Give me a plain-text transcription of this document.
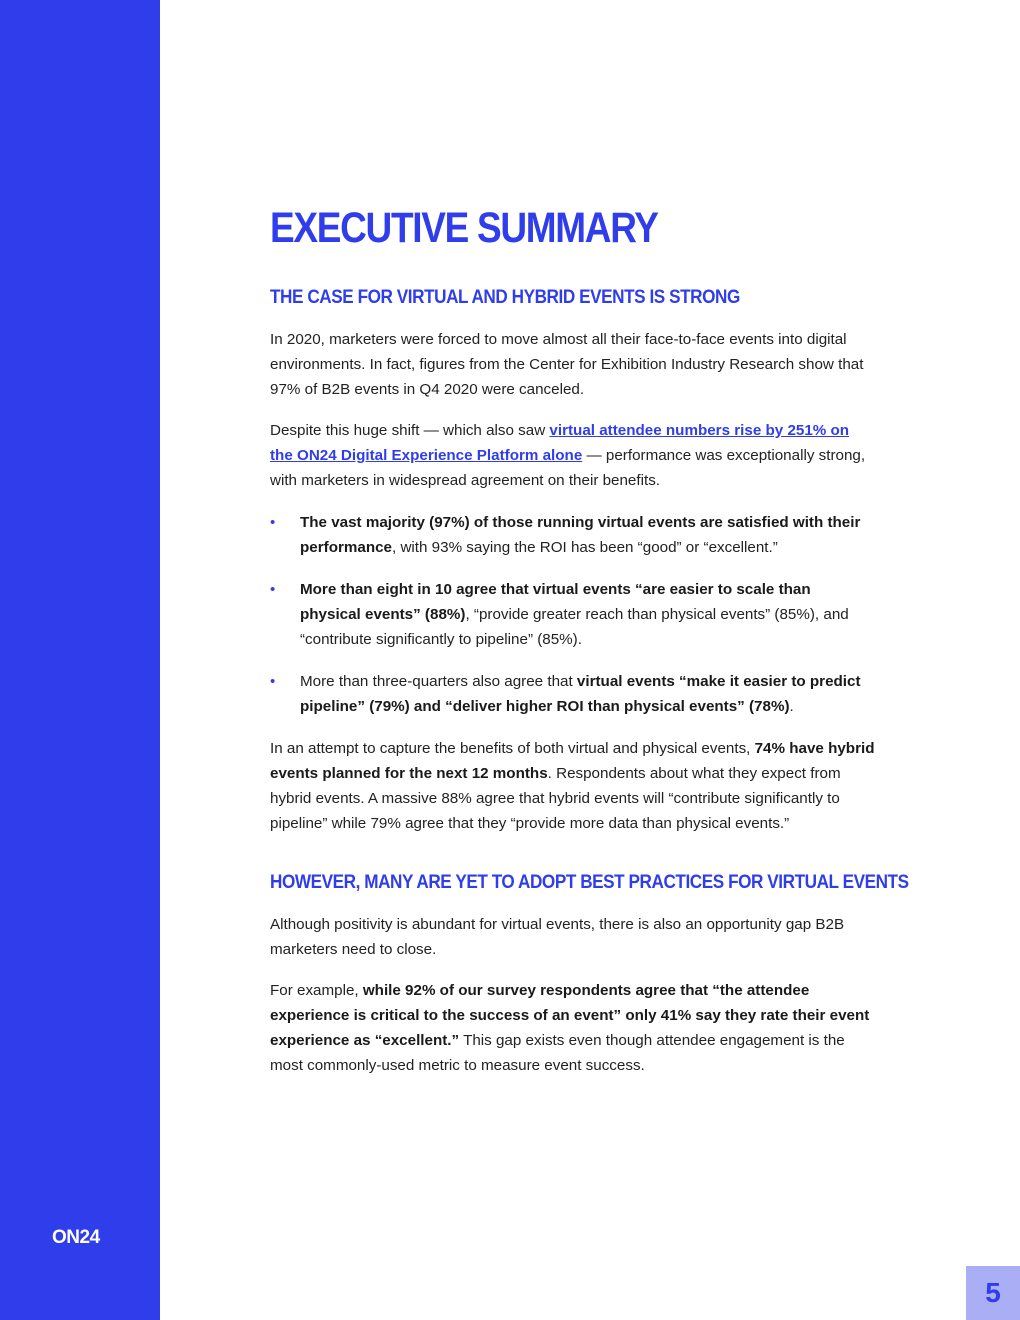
ON24
EXECUTIVE SUMMARY
THE CASE FOR VIRTUAL AND HYBRID EVENTS IS STRONG

In 2020, marketers were forced to move almost all their face-to-face events into digital environments. In fact, figures from the Center for Exhibition Industry Research show that 97% of B2B events in Q4 2020 were canceled.

Despite this huge shift — which also saw virtual attendee numbers rise by 251% on the ON24 Digital Experience Platform alone — performance was exceptionally strong, with marketers in widespread agreement on their benefits.

• The vast majority (97%) of those running virtual events are satisfied with their performance, with 93% saying the ROI has been “good” or “excellent.”
• More than eight in 10 agree that virtual events “are easier to scale than physical events” (88%), “provide greater reach than physical events” (85%), and “contribute significantly to pipeline” (85%).
• More than three-quarters also agree that virtual events “make it easier to predict pipeline” (79%) and “deliver higher ROI than physical events” (78%).

In an attempt to capture the benefits of both virtual and physical events, 74% have hybrid events planned for the next 12 months. Respondents about what they expect from hybrid events. A massive 88% agree that hybrid events will “contribute significantly to pipeline” while 79% agree that they “provide more data than physical events.”

HOWEVER, MANY ARE YET TO ADOPT BEST PRACTICES FOR VIRTUAL EVENTS

Although positivity is abundant for virtual events, there is also an opportunity gap B2B marketers need to close.

For example, while 92% of our survey respondents agree that “the attendee experience is critical to the success of an event” only 41% say they rate their event experience as “excellent.” This gap exists even though attendee engagement is the most commonly-used metric to measure event success.

5
